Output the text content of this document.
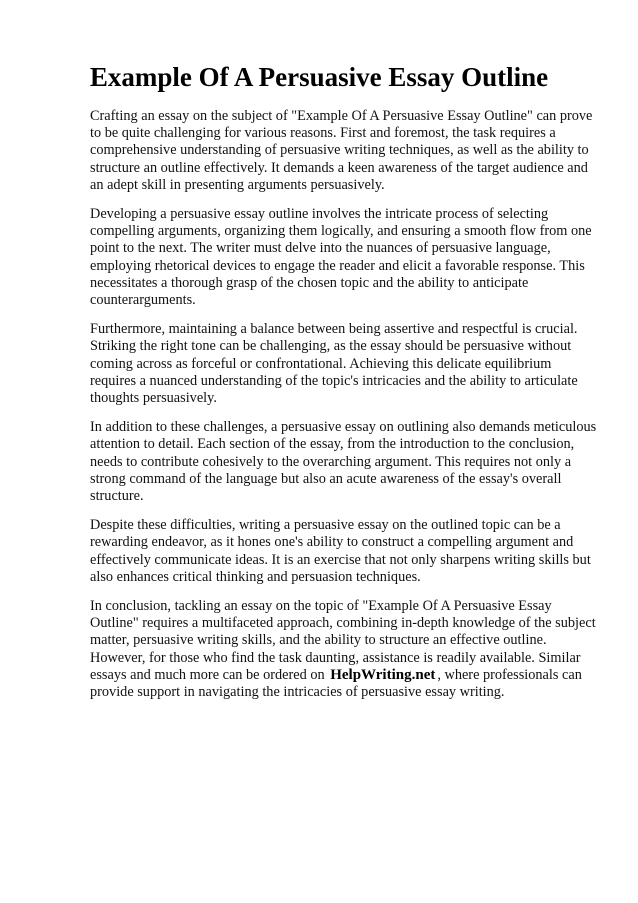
Example Of A Persuasive Essay Outline

Crafting an essay on the subject of "Example Of A Persuasive Essay Outline" can prove to be quite challenging for various reasons. First and foremost, the task requires a comprehensive understanding of persuasive writing techniques, as well as the ability to structure an outline effectively. It demands a keen awareness of the target audience and an adept skill in presenting arguments persuasively.

Developing a persuasive essay outline involves the intricate process of selecting compelling arguments, organizing them logically, and ensuring a smooth flow from one point to the next. The writer must delve into the nuances of persuasive language, employing rhetorical devices to engage the reader and elicit a favorable response. This necessitates a thorough grasp of the chosen topic and the ability to anticipate counterarguments.

Furthermore, maintaining a balance between being assertive and respectful is crucial. Striking the right tone can be challenging, as the essay should be persuasive without coming across as forceful or confrontational. Achieving this delicate equilibrium requires a nuanced understanding of the topic's intricacies and the ability to articulate thoughts persuasively.

In addition to these challenges, a persuasive essay on outlining also demands meticulous attention to detail. Each section of the essay, from the introduction to the conclusion, needs to contribute cohesively to the overarching argument. This requires not only a strong command of the language but also an acute awareness of the essay's overall structure.

Despite these difficulties, writing a persuasive essay on the outlined topic can be a rewarding endeavor, as it hones one's ability to construct a compelling argument and effectively communicate ideas. It is an exercise that not only sharpens writing skills but also enhances critical thinking and persuasion techniques.

In conclusion, tackling an essay on the topic of "Example Of A Persuasive Essay Outline" requires a multifaceted approach, combining in-depth knowledge of the subject matter, persuasive writing skills, and the ability to structure an effective outline. However, for those who find the task daunting, assistance is readily available. Similar essays and much more can be ordered on HelpWriting.net , where professionals can provide support in navigating the intricacies of persuasive essay writing.
